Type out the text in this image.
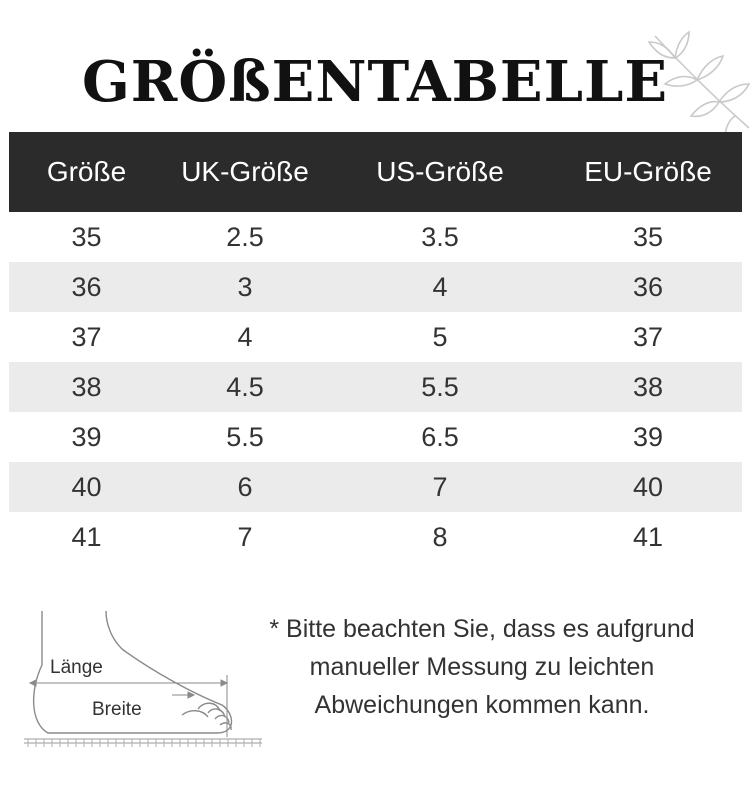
GRÖßENTABELLE
Größe	UK-Größe	US-Größe	EU-Größe
35	2.5	3.5	35
36	3	4	36
37	4	5	37
38	4.5	5.5	38
39	5.5	6.5	39
40	6	7	40
41	7	8	41
Länge
Breite
* Bitte beachten Sie, dass es aufgrund
manueller Messung zu leichten
Abweichungen kommen kann.
